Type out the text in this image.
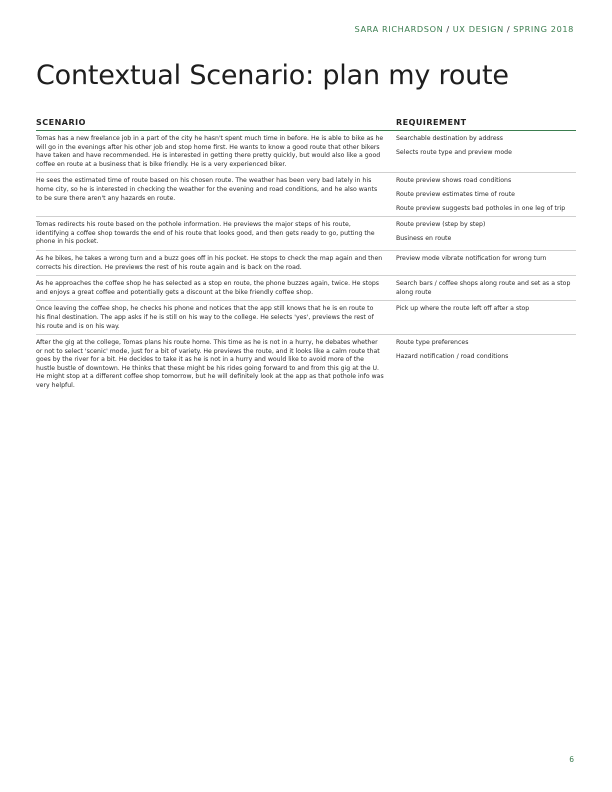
SARA RICHARDSON / UX DESIGN / SPRING 2018
Contextual Scenario: plan my route
SCENARIO	REQUIREMENT
Tomas has a new freelance job in a part of the city he hasn't spent much time in before. He is able to bike as he will go in the evenings after his other job and stop home first. He wants to know a good route that other bikers have taken and have recommended. He is interested in getting there pretty quickly, but would also like a good coffee en route at a business that is bike friendly. He is a very experienced biker.
Searchable destination by address
Selects route type and preview mode
He sees the estimated time of route based on his chosen route. The weather has been very bad lately in his home city, so he is interested in checking the weather for the evening and road conditions, and he also wants to be sure there aren't any hazards en route.
Route preview shows road conditions
Route preview estimates time of route
Route preview suggests bad potholes in one leg of trip
Tomas redirects his route based on the pothole information. He previews the major steps of his route, identifying a coffee shop towards the end of his route that looks good, and then gets ready to go, putting the phone in his pocket.
Route preview (step by step)
Business en route
As he bikes, he takes a wrong turn and a buzz goes off in his pocket. He stops to check the map again and then corrects his direction. He previews the rest of his route again and is back on the road.
Preview mode vibrate notification for wrong turn
As he approaches the coffee shop he has selected as a stop en route, the phone buzzes again, twice. He stops and enjoys a great coffee and potentially gets a discount at the bike friendly coffee shop.
Search bars / coffee shops along route and set as a stop along route
Once leaving the coffee shop, he checks his phone and notices that the app still knows that he is en route to his final destination. The app asks if he is still on his way to the college. He selects 'yes', previews the rest of his route and is on his way.
Pick up where the route left off after a stop
After the gig at the college, Tomas plans his route home. This time as he is not in a hurry, he debates whether or not to select 'scenic' mode, just for a bit of variety. He previews the route, and it looks like a calm route that goes by the river for a bit. He decides to take it as he is not in a hurry and would like to avoid more of the hustle bustle of downtown. He thinks that these might be his rides going forward to and from this gig at the U. He might stop at a different coffee shop tomorrow, but he will definitely look at the app as that pothole info was very helpful.
Route type preferences
Hazard notification / road conditions
6
